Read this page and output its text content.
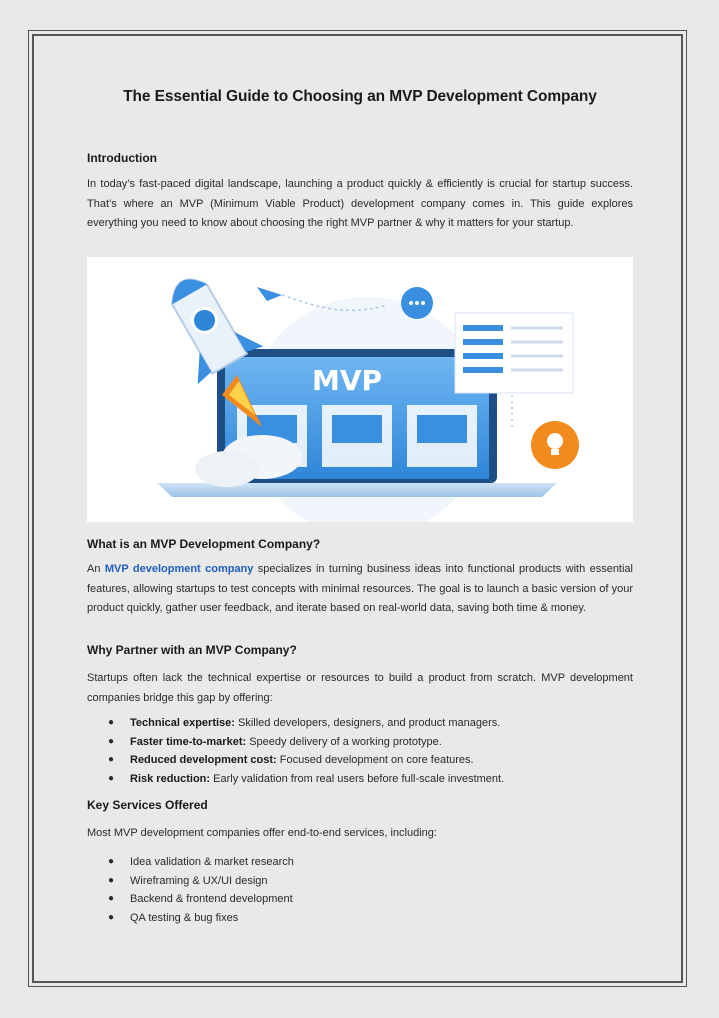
The Essential Guide to Choosing an MVP Development Company
Introduction

In today’s fast-paced digital landscape, launching a product quickly & efficiently is crucial for startup success. That’s where an MVP (Minimum Viable Product) development company comes in. This guide explores everything you need to know about choosing the right MVP partner & why it matters for your startup.

MVP
What is an MVP Development Company?

An MVP development company specializes in turning business ideas into functional products with essential features, allowing startups to test concepts with minimal resources. The goal is to launch a basic version of your product quickly, gather user feedback, and iterate based on real-world data, saving both time & money.

Why Partner with an MVP Company?

Startups often lack the technical expertise or resources to build a product from scratch. MVP development companies bridge this gap by offering:

● Technical expertise: Skilled developers, designers, and product managers.
● Faster time-to-market: Speedy delivery of a working prototype.
● Reduced development cost: Focused development on core features.
● Risk reduction: Early validation from real users before full-scale investment.
Key Services Offered

Most MVP development companies offer end-to-end services, including:

● Idea validation & market research
● Wireframing & UX/UI design
● Backend & frontend development
● QA testing & bug fixes
